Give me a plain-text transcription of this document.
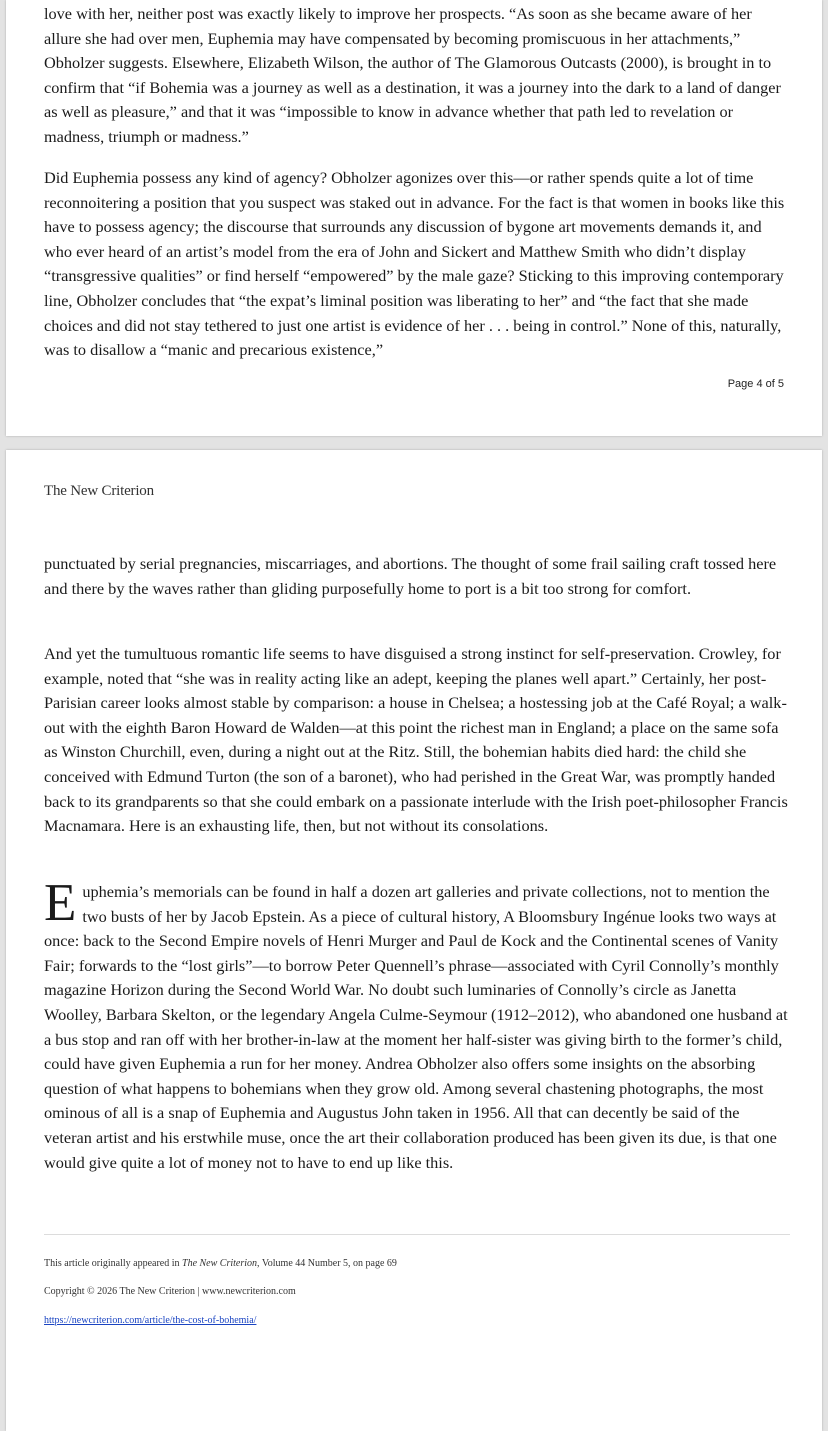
love with her, neither post was exactly likely to improve her prospects. “As soon as she became aware of her allure she had over men, Euphemia may have compensated by becoming promiscuous in her attachments,” Obholzer suggests. Elsewhere, Elizabeth Wilson, the author of The Glamorous Outcasts (2000), is brought in to confirm that “if Bohemia was a journey as well as a destination, it was a journey into the dark to a land of danger as well as pleasure,” and that it was “impossible to know in advance whether that path led to revelation or madness, triumph or madness.”

Did Euphemia possess any kind of agency? Obholzer agonizes over this—or rather spends quite a lot of time reconnoitering a position that you suspect was staked out in advance. For the fact is that women in books like this have to possess agency; the discourse that surrounds any discussion of bygone art movements demands it, and who ever heard of an artist’s model from the era of John and Sickert and Matthew Smith who didn’t display “transgressive qualities” or find herself “empowered” by the male gaze? Sticking to this improving contemporary line, Obholzer concludes that “the expat’s liminal position was liberating to her” and “the fact that she made choices and did not stay tethered to just one artist is evidence of her . . . being in control.” None of this, naturally, was to disallow a “manic and precarious existence,”

Page 4 of 5
The New Criterion

punctuated by serial pregnancies, miscarriages, and abortions. The thought of some frail sailing craft tossed here and there by the waves rather than gliding purposefully home to port is a bit too strong for comfort.

And yet the tumultuous romantic life seems to have disguised a strong instinct for self-preservation. Crowley, for example, noted that “she was in reality acting like an adept, keeping the planes well apart.” Certainly, her post-Parisian career looks almost stable by comparison: a house in Chelsea; a hostessing job at the Café Royal; a walk-out with the eighth Baron Howard de Walden—at this point the richest man in England; a place on the same sofa as Winston Churchill, even, during a night out at the Ritz. Still, the bohemian habits died hard: the child she conceived with Edmund Turton (the son of a baronet), who had perished in the Great War, was promptly handed back to its grandparents so that she could embark on a passionate interlude with the Irish poet-philosopher Francis Macnamara. Here is an exhausting life, then, but not without its consolations.

Euphemia’s memorials can be found in half a dozen art galleries and private collections, not to mention the two busts of her by Jacob Epstein. As a piece of cultural history, A Bloomsbury Ingénue looks two ways at once: back to the Second Empire novels of Henri Murger and Paul de Kock and the Continental scenes of Vanity Fair; forwards to the “lost girls”—to borrow Peter Quennell’s phrase—associated with Cyril Connolly’s monthly magazine Horizon during the Second World War. No doubt such luminaries of Connolly’s circle as Janetta Woolley, Barbara Skelton, or the legendary Angela Culme-Seymour (1912–2012), who abandoned one husband at a bus stop and ran off with her brother-in-law at the moment her half-sister was giving birth to the former’s child, could have given Euphemia a run for her money. Andrea Obholzer also offers some insights on the absorbing question of what happens to bohemians when they grow old. Among several chastening photographs, the most ominous of all is a snap of Euphemia and Augustus John taken in 1956. All that can decently be said of the veteran artist and his erstwhile muse, once the art their collaboration produced has been given its due, is that one would give quite a lot of money not to have to end up like this.

This article originally appeared in The New Criterion, Volume 44 Number 5, on page 69
Copyright © 2026 The New Criterion | www.newcriterion.com
https://newcriterion.com/article/the-cost-of-bohemia/
